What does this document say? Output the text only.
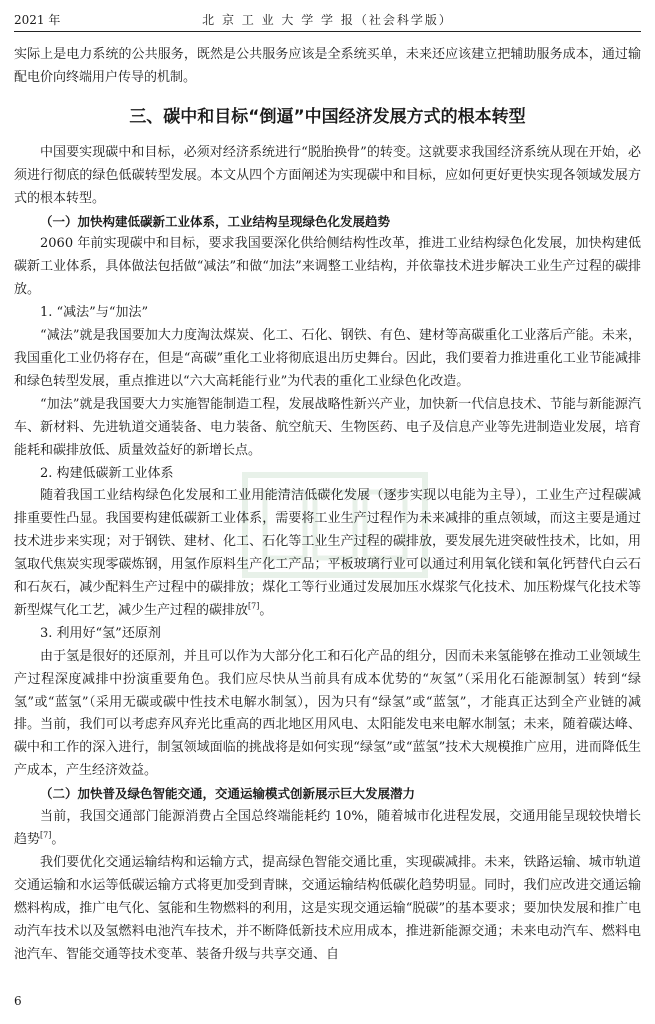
2021 年	北 京 工 业 大 学 学 报（社会科学版）

实际上是电力系统的公共服务，既然是公共服务应该是全系统买单，未来还应该建立把辅助服务成本，通过输配电价向终端用户传导的机制。

三、碳中和目标“倒逼”中国经济发展方式的根本转型

中国要实现碳中和目标，必须对经济系统进行“脱胎换骨”的转变。这就要求我国经济系统从现在开始，必须进行彻底的绿色低碳转型发展。本文从四个方面阐述为实现碳中和目标，应如何更好更快实现各领域发展方式的根本转型。

（一）加快构建低碳新工业体系，工业结构呈现绿色化发展趋势

2060 年前实现碳中和目标，要求我国要深化供给侧结构性改革，推进工业结构绿色化发展，加快构建低碳新工业体系，具体做法包括做“减法”和做“加法”来调整工业结构，并依靠技术进步解决工业生产过程的碳排放。

1. “减法”与“加法”

“减法”就是我国要加大力度淘汰煤炭、化工、石化、钢铁、有色、建材等高碳重化工业落后产能。未来，我国重化工业仍将存在，但是“高碳”重化工业将彻底退出历史舞台。因此，我们要着力推进重化工业节能减排和绿色转型发展，重点推进以“六大高耗能行业”为代表的重化工业绿色化改造。

“加法”就是我国要大力实施智能制造工程，发展战略性新兴产业，加快新一代信息技术、节能与新能源汽车、新材料、先进轨道交通装备、电力装备、航空航天、生物医药、电子及信息产业等先进制造业发展，培育能耗和碳排放低、质量效益好的新增长点。

2. 构建低碳新工业体系

随着我国工业结构绿色化发展和工业用能清洁低碳化发展（逐步实现以电能为主导），工业生产过程碳减排重要性凸显。我国要构建低碳新工业体系，需要将工业生产过程作为未来减排的重点领域，而这主要是通过技术进步来实现；对于钢铁、建材、化工、石化等工业生产过程的碳排放，要发展先进突破性技术，比如，用氢取代焦炭实现零碳炼钢，用氢作原料生产化工产品；平板玻璃行业可以通过利用氧化镁和氧化钙替代白云石和石灰石，减少配料生产过程中的碳排放；煤化工等行业通过发展加压水煤浆气化技术、加压粉煤气化技术等新型煤气化工艺，减少生产过程的碳排放[7]。

3. 利用好“氢”还原剂

由于氢是很好的还原剂，并且可以作为大部分化工和石化产品的组分，因而未来氢能够在推动工业领域生产过程深度减排中扮演重要角色。我们应尽快从当前具有成本优势的“灰氢”（采用化石能源制氢）转到“绿氢”或“蓝氢”（采用无碳或碳中性技术电解水制氢），因为只有“绿氢”或“蓝氢”，才能真正达到全产业链的减排。当前，我们可以考虑弃风弃光比重高的西北地区用风电、太阳能发电来电解水制氢；未来，随着碳达峰、碳中和工作的深入进行，制氢领域面临的挑战将是如何实现“绿氢”或“蓝氢”技术大规模推广应用，进而降低生产成本，产生经济效益。

（二）加快普及绿色智能交通，交通运输模式创新展示巨大发展潜力

当前，我国交通部门能源消费占全国总终端能耗约 10%，随着城市化进程发展，交通用能呈现较快增长趋势[7]。

我们要优化交通运输结构和运输方式，提高绿色智能交通比重，实现碳减排。未来，铁路运输、城市轨道交通运输和水运等低碳运输方式将更加受到青睐，交通运输结构低碳化趋势明显。同时，我们应改进交通运输燃料构成，推广电气化、氢能和生物燃料的利用，这是实现交通运输“脱碳”的基本要求；要加快发展和推广电动汽车技术以及氢燃料电池汽车技术，并不断降低新技术应用成本，推进新能源交通；未来电动汽车、燃料电池汽车、智能交通等技术变革、装备升级与共享交通、自

6
